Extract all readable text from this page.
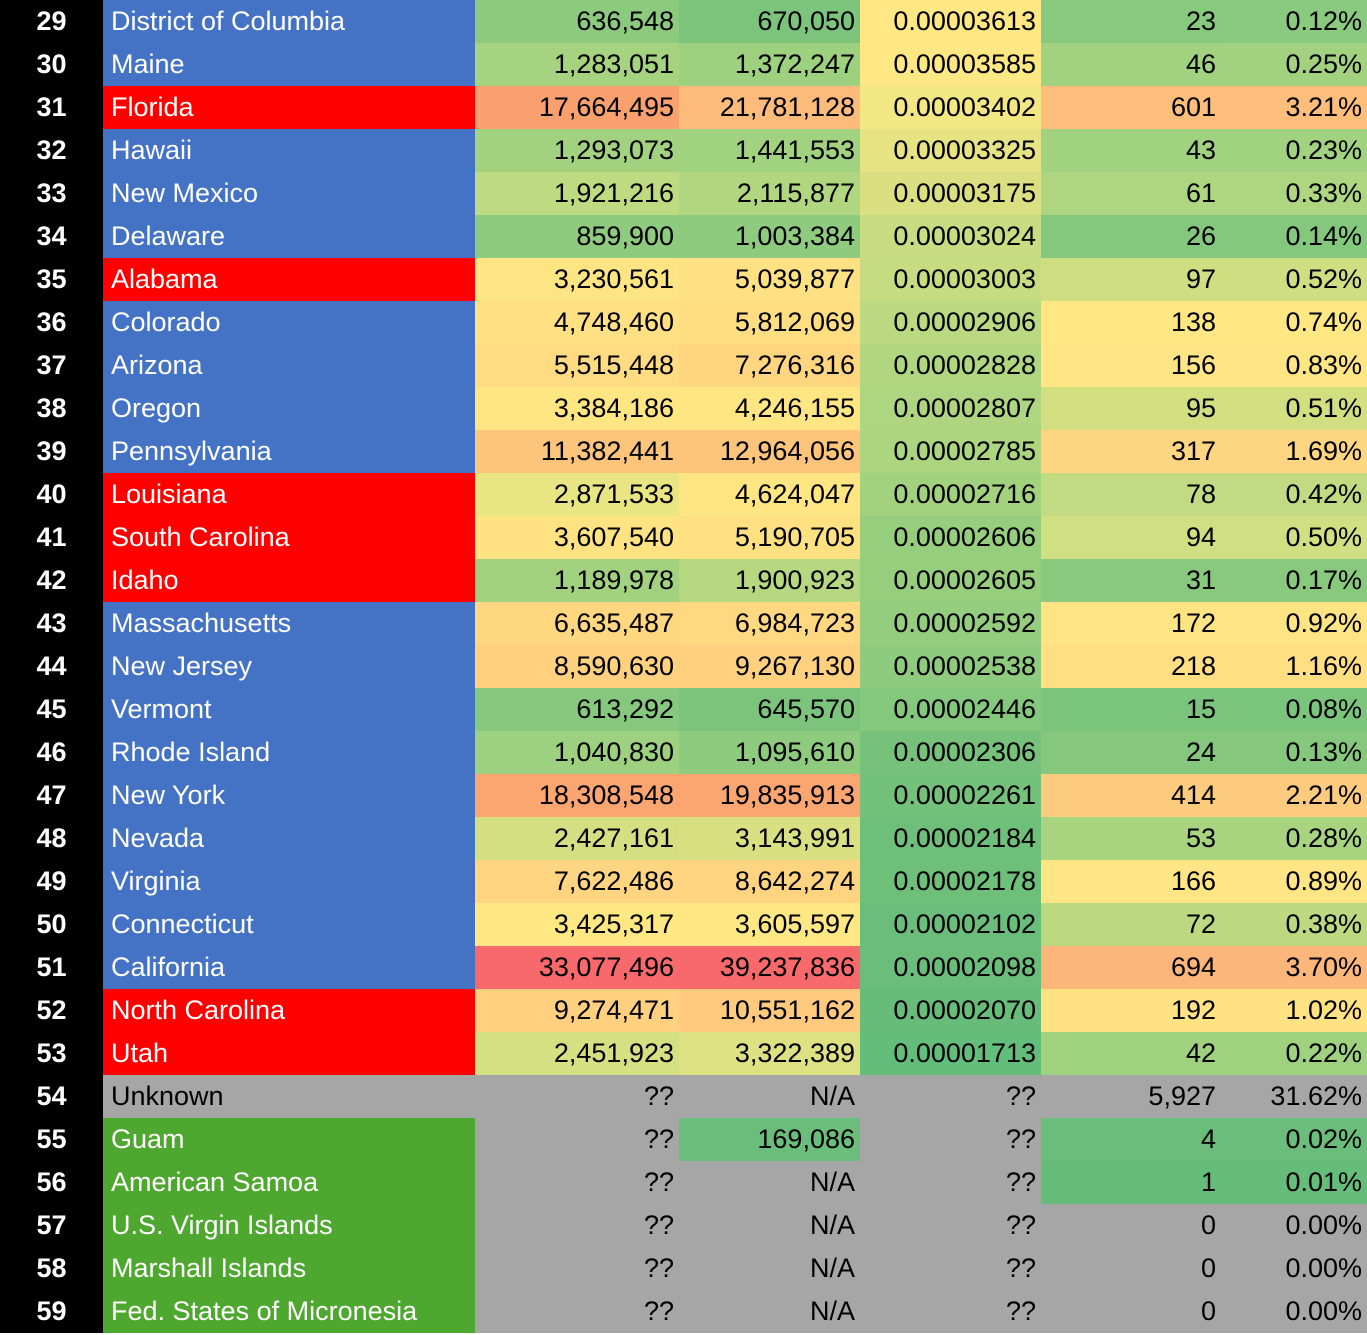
29	District of Columbia	636,548	670,050	0.00003613	23	0.12%
30	Maine	1,283,051	1,372,247	0.00003585	46	0.25%
31	Florida	17,664,495	21,781,128	0.00003402	601	3.21%
32	Hawaii	1,293,073	1,441,553	0.00003325	43	0.23%
33	New Mexico	1,921,216	2,115,877	0.00003175	61	0.33%
34	Delaware	859,900	1,003,384	0.00003024	26	0.14%
35	Alabama	3,230,561	5,039,877	0.00003003	97	0.52%
36	Colorado	4,748,460	5,812,069	0.00002906	138	0.74%
37	Arizona	5,515,448	7,276,316	0.00002828	156	0.83%
38	Oregon	3,384,186	4,246,155	0.00002807	95	0.51%
39	Pennsylvania	11,382,441	12,964,056	0.00002785	317	1.69%
40	Louisiana	2,871,533	4,624,047	0.00002716	78	0.42%
41	South Carolina	3,607,540	5,190,705	0.00002606	94	0.50%
42	Idaho	1,189,978	1,900,923	0.00002605	31	0.17%
43	Massachusetts	6,635,487	6,984,723	0.00002592	172	0.92%
44	New Jersey	8,590,630	9,267,130	0.00002538	218	1.16%
45	Vermont	613,292	645,570	0.00002446	15	0.08%
46	Rhode Island	1,040,830	1,095,610	0.00002306	24	0.13%
47	New York	18,308,548	19,835,913	0.00002261	414	2.21%
48	Nevada	2,427,161	3,143,991	0.00002184	53	0.28%
49	Virginia	7,622,486	8,642,274	0.00002178	166	0.89%
50	Connecticut	3,425,317	3,605,597	0.00002102	72	0.38%
51	California	33,077,496	39,237,836	0.00002098	694	3.70%
52	North Carolina	9,274,471	10,551,162	0.00002070	192	1.02%
53	Utah	2,451,923	3,322,389	0.00001713	42	0.22%
54	Unknown	??	N/A	??	5,927	31.62%
55	Guam	??	169,086	??	4	0.02%
56	American Samoa	??	N/A	??	1	0.01%
57	U.S. Virgin Islands	??	N/A	??	0	0.00%
58	Marshall Islands	??	N/A	??	0	0.00%
59	Fed. States of Micronesia	??	N/A	??	0	0.00%
